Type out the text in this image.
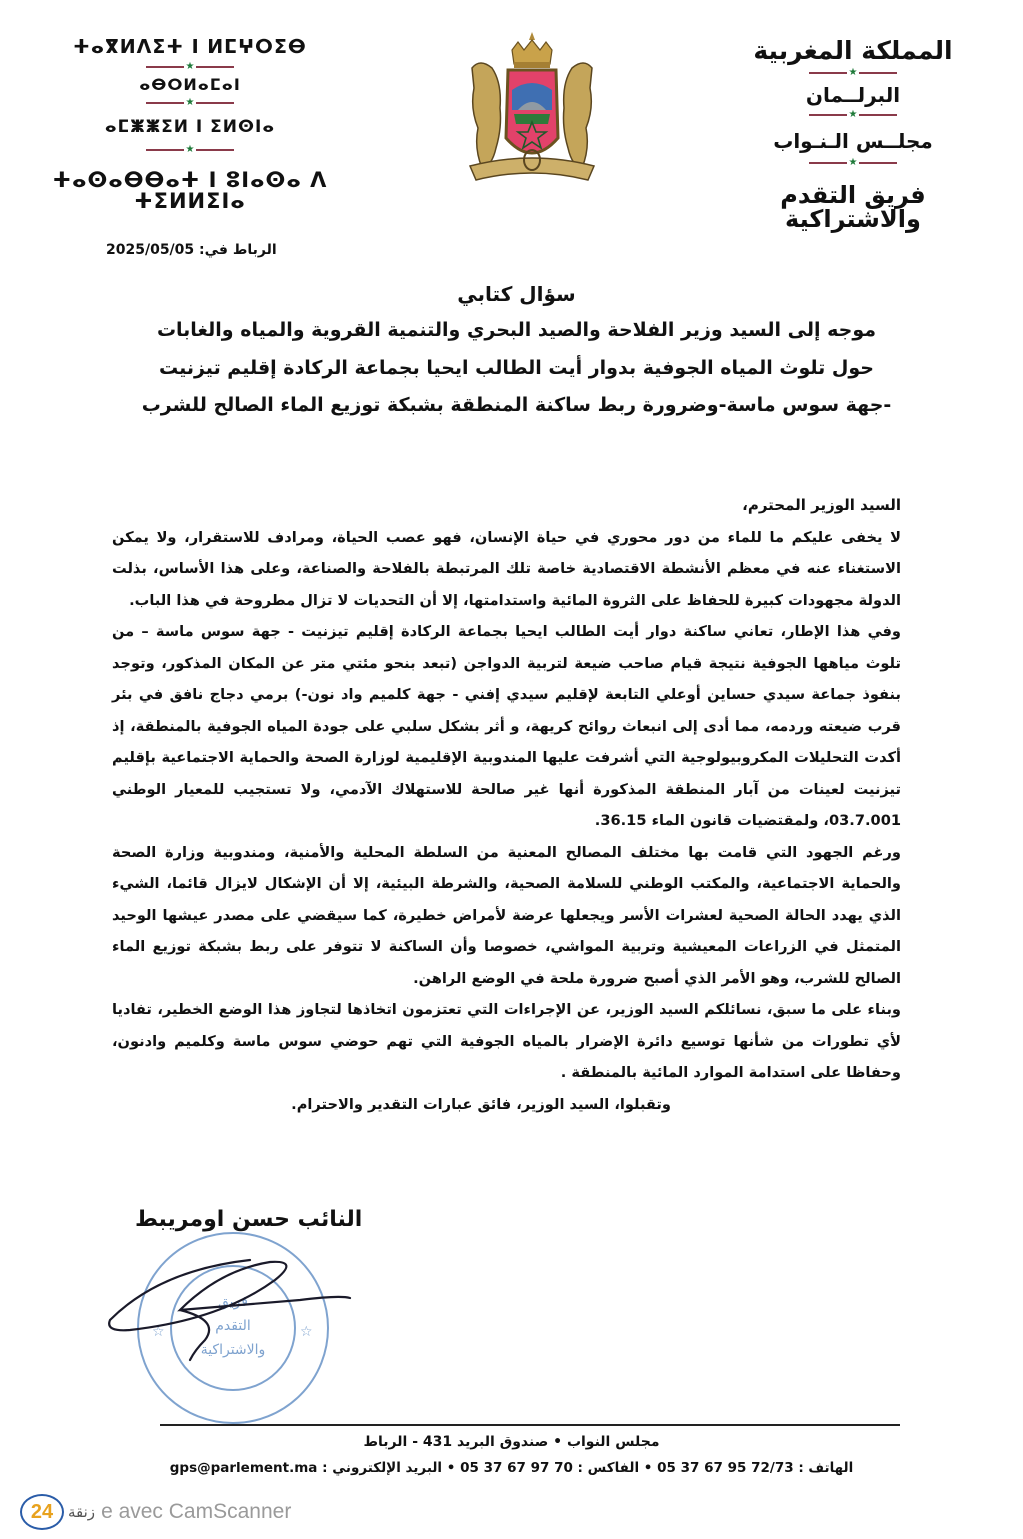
المملكة المغربية
★
البرلــمان
★
مجلــس الـنـواب
★
فريق التقدم والاشتراكية
ⵜⴰⴳⵍⴷⵉⵜ ⵏ ⵍⵎⵖⵔⵉⴱ
★
ⴰⴱⵔⵍⴰⵎⴰⵏ
★
ⴰⵎⵥⵥⵉⵍ ⵏ ⵉⵍⵙⵏⴰ
★
ⵜⴰⵙⴰⴱⴱⴰⵜ ⵏ ⵓⵏⴰⵙⴰ ⴷ ⵜⵉⵍⵍⵉⵏⴰ
الرباط في: 2025/05/05
سؤال كتابي
موجه إلى السيد وزير الفلاحة والصيد البحري والتنمية القروية والمياه والغابات
حول تلوث المياه الجوفية بدوار أيت الطالب ايحيا بجماعة الركادة إقليم تيزنيت
-جهة سوس ماسة-وضرورة ربط ساكنة المنطقة بشبكة توزيع الماء الصالح للشرب

السيد الوزير المحترم،

لا يخفى عليكم ما للماء من دور محوري في حياة الإنسان، فهو عصب الحياة، ومرادف للاستقرار، ولا يمكن الاستغناء عنه في معظم الأنشطة الاقتصادية خاصة تلك المرتبطة بالفلاحة والصناعة، وعلى هذا الأساس، بذلت الدولة مجهودات كبيرة للحفاظ على الثروة المائية واستدامتها، إلا أن التحديات لا تزال مطروحة في هذا الباب.

وفي هذا الإطار، تعاني ساكنة دوار أيت الطالب ايحيا بجماعة الركادة إقليم تيزنيت - جهة سوس ماسة – من تلوث مياهها الجوفية نتيجة قيام صاحب ضيعة لتربية الدواجن (تبعد بنحو مئتي متر عن المكان المذكور، وتوجد بنفوذ جماعة سيدي حساين أوعلي التابعة لإقليم سيدي إفني - جهة كلميم واد نون-) برمي دجاج نافق في بئر قرب ضيعته وردمه، مما أدى إلى انبعاث روائح كريهة، و أثر بشكل سلبي على جودة المياه الجوفية بالمنطقة، إذ أكدت التحليلات المكروبيولوجية التي أشرفت عليها المندوبية الإقليمية لوزارة الصحة والحماية الاجتماعية بإقليم تيزنيت لعينات من آبار المنطقة المذكورة أنها غير صالحة للاستهلاك الآدمي، ولا تستجيب للمعيار الوطني 03.7.001، ولمقتضيات قانون الماء 36.15.

ورغم الجهود التي قامت بها مختلف المصالح المعنية من السلطة المحلية والأمنية، ومندوبية وزارة الصحة والحماية الاجتماعية، والمكتب الوطني للسلامة الصحية، والشرطة البيئية، إلا أن الإشكال لايزال قائما، الشيء الذي يهدد الحالة الصحية لعشرات الأسر ويجعلها عرضة لأمراض خطيرة، كما سيقضي على مصدر عيشها الوحيد المتمثل في الزراعات المعيشية وتربية المواشي، خصوصا وأن الساكنة لا تتوفر على ربط بشبكة توزيع الماء الصالح للشرب، وهو الأمر الذي أصبح ضرورة ملحة في الوضع الراهن.

وبناء على ما سبق، نسائلكم السيد الوزير، عن الإجراءات التي تعتزمون اتخاذها لتجاوز هذا الوضع الخطير، تفاديا لأي تطورات من شأنها توسيع دائرة الإضرار بالمياه الجوفية التي تهم حوضي سوس ماسة وكلميم وادنون، وحفاظا على استدامة الموارد المائية بالمنطقة .

وتقبلوا، السيد الوزير، فائق عبارات التقدير والاحترام.

فريق
التقدم
والاشتراكية
☆	☆
النائب حسن اومريبط
مجلس النواب • صندوق البريد 431 - الرباط
الهاتف : 72/73 95 67 37 05 • الفاكس : 70 97 67 37 05 • البريد الإلكتروني : gps@parlement.ma
24 زنقة e avec CamScanner
